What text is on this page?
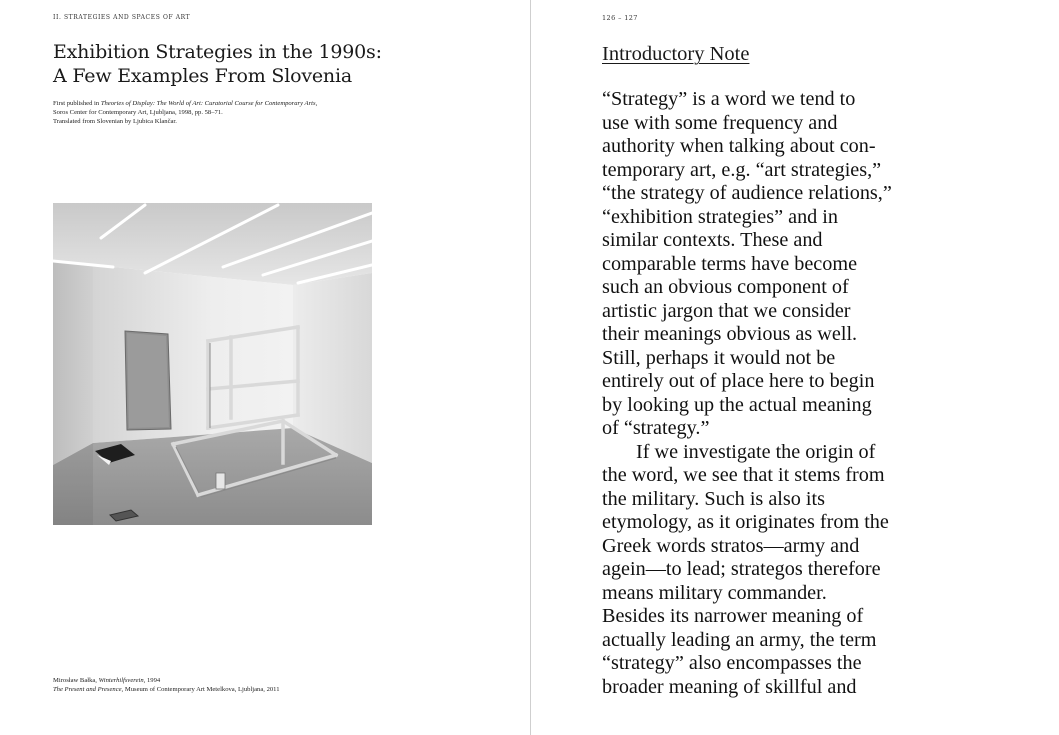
II. STRATEGIES AND SPACES OF ART
Exhibition Strategies in the 1990s:
A Few Examples From Slovenia
First published in Theories of Display: The World of Art: Curatorial Course for Contemporary Arts,
Soros Center for Contemporary Art, Ljubljana, 1998, pp. 58–71.
Translated from Slovenian by Ljubica Klančar.
Mirosław Bałka, Winterhilfsverein, 1994
The Present and Presence, Museum of Contemporary Art Metelkova, Ljubljana, 2011
126 – 127
Introductory Note
“Strategy” is a word we tend to
use with some frequency and
authority when talking about con-
temporary art, e.g. “art strategies,”
“the strategy of audience relations,”
“exhibition strategies” and in
similar contexts. These and
comparable terms have become
such an obvious component of
artistic jargon that we consider
their meanings obvious as well.
Still, perhaps it would not be
entirely out of place here to begin
by looking up the actual meaning
of “strategy.”
If we investigate the origin of
the word, we see that it stems from
the military. Such is also its
etymology, as it originates from the
Greek words stratos—army and
agein—to lead; strategos therefore
means military commander.
Besides its narrower meaning of
actually leading an army, the term
“strategy” also encompasses the
broader meaning of skillful and
